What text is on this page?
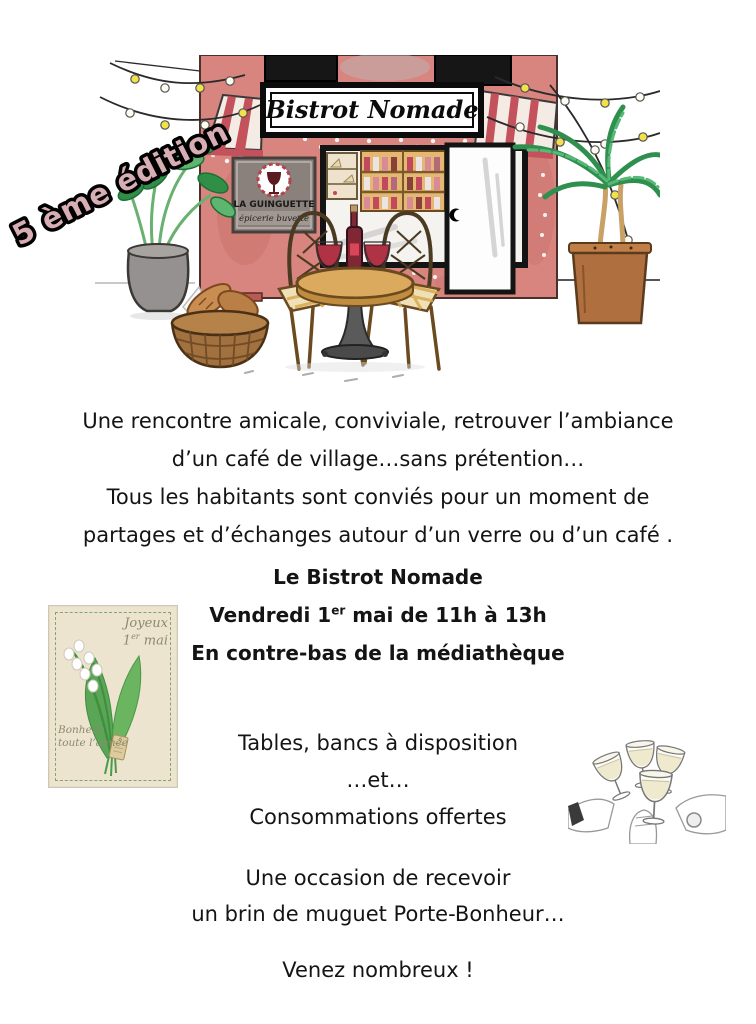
Bistrot Nomade
LA GUINGUETTE
épicerie buvette
5 ème édition
Une rencontre amicale, conviviale, retrouver l’ambiance
d’un café de village…sans prétention…
Tous les habitants sont conviés pour un moment de
partages et d’échanges autour d’un verre ou d’un café .
Le Bistrot Nomade
Vendredi 1er mai de 11h à 13h
En contre-bas de la médiathèque
Joyeux
1er mai
Bonheur
toute l’année	Tables, bancs à disposition
…et…
Consommations offertes
Une occasion de recevoir
un brin de muguet Porte-Bonheur…
Venez nombreux !
